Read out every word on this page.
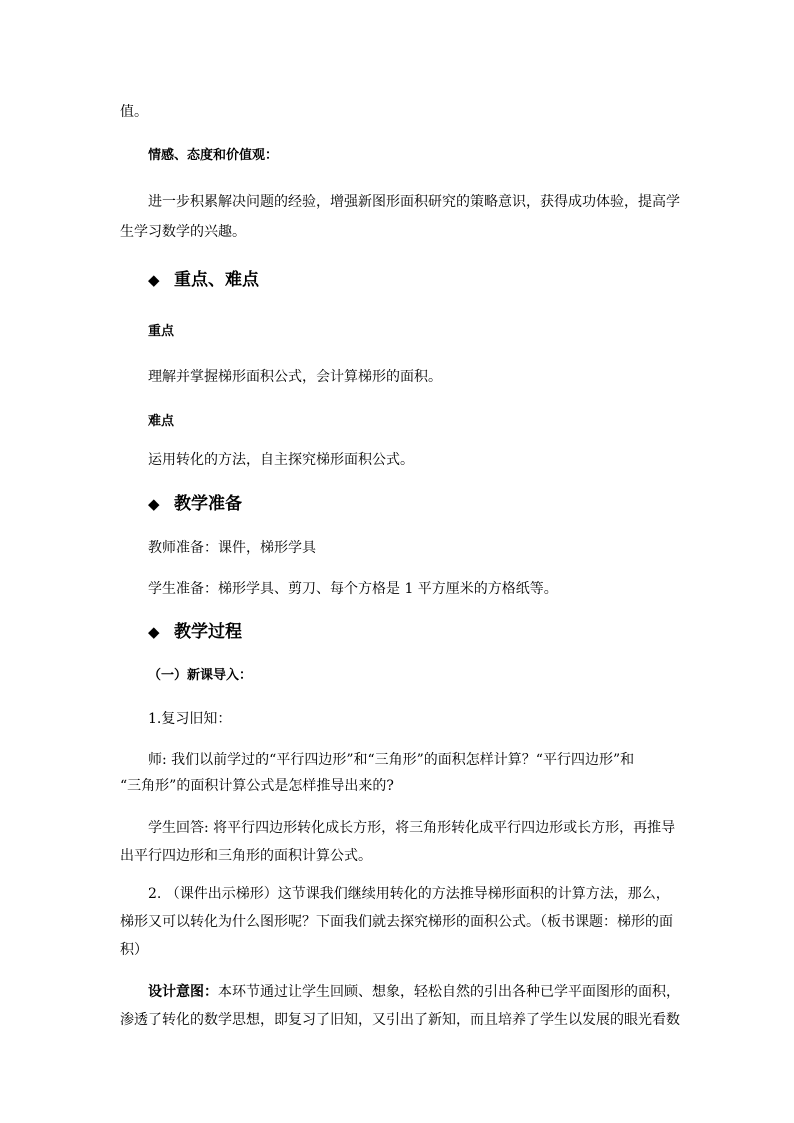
值。
情感、态度和价值观：
进一步积累解决问题的经验，增强新图形面积研究的策略意识，获得成功体验，提高学
生学习数学的兴趣。
◆ 重点、难点
重点
理解并掌握梯形面积公式，会计算梯形的面积。
难点
运用转化的方法，自主探究梯形面积公式。
◆ 教学准备
教师准备：课件，梯形学具
学生准备：梯形学具、剪刀、每个方格是 1 平方厘米的方格纸等。
◆ 教学过程
（一）新课导入：
1.复习旧知：
师: 我们以前学过的“平行四边形”和“三角形”的面积怎样计算？“平行四边形”和
“三角形”的面积计算公式是怎样推导出来的?
学生回答: 将平行四边形转化成长方形，将三角形转化成平行四边形或长方形，再推导
出平行四边形和三角形的面积计算公式。
2. （课件出示梯形）这节课我们继续用转化的方法推导梯形面积的计算方法，那么，
梯形又可以转化为什么图形呢？下面我们就去探究梯形的面积公式。（板书课题：梯形的面
积）
设计意图：本环节通过让学生回顾、想象，轻松自然的引出各种已学平面图形的面积，
渗透了转化的数学思想，即复习了旧知，又引出了新知，而且培养了学生以发展的眼光看数
